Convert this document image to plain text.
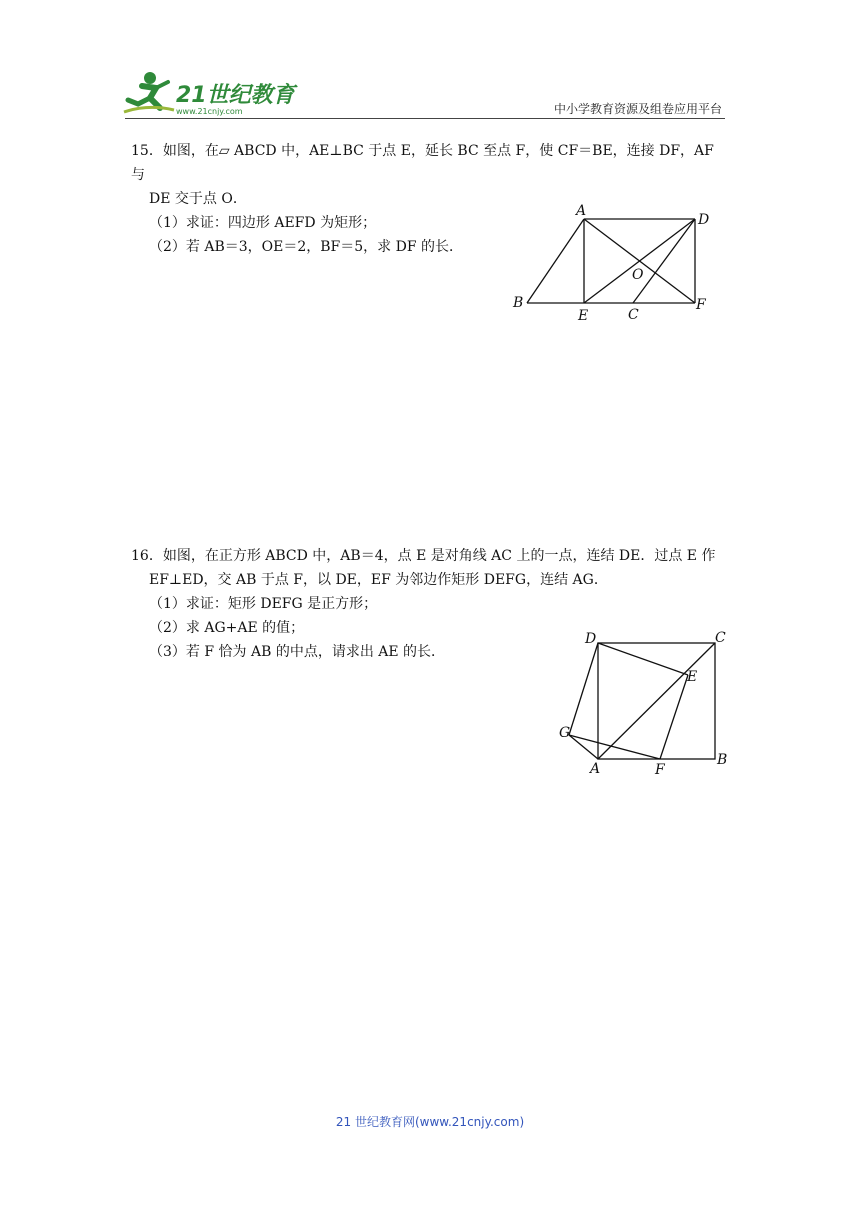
21世纪教育
www.21cnjy.com	中小学教育资源及组卷应用平台

15．如图，在▱ ABCD 中，AE⊥BC 于点 E，延长 BC 至点 F，使 CF＝BE，连接 DF，AF 与

DE 交于点 O．

（1）求证：四边形 AEFD 为矩形；

（2）若 AB＝3，OE＝2，BF＝5，求 DF 的长．

A
D
O
B
E	C
F

16．如图，在正方形 ABCD 中，AB＝4，点 E 是对角线 AC 上的一点，连结 DE．过点 E 作

EF⊥ED，交 AB 于点 F，以 DE，EF 为邻边作矩形 DEFG，连结 AG．

（1）求证：矩形 DEFG 是正方形；

（2）求 AG+AE 的值；

（3）若 F 恰为 AB 的中点，请求出 AE 的长．

D	C
E
G
A	F
B
21 世纪教育网(www.21cnjy.com)
